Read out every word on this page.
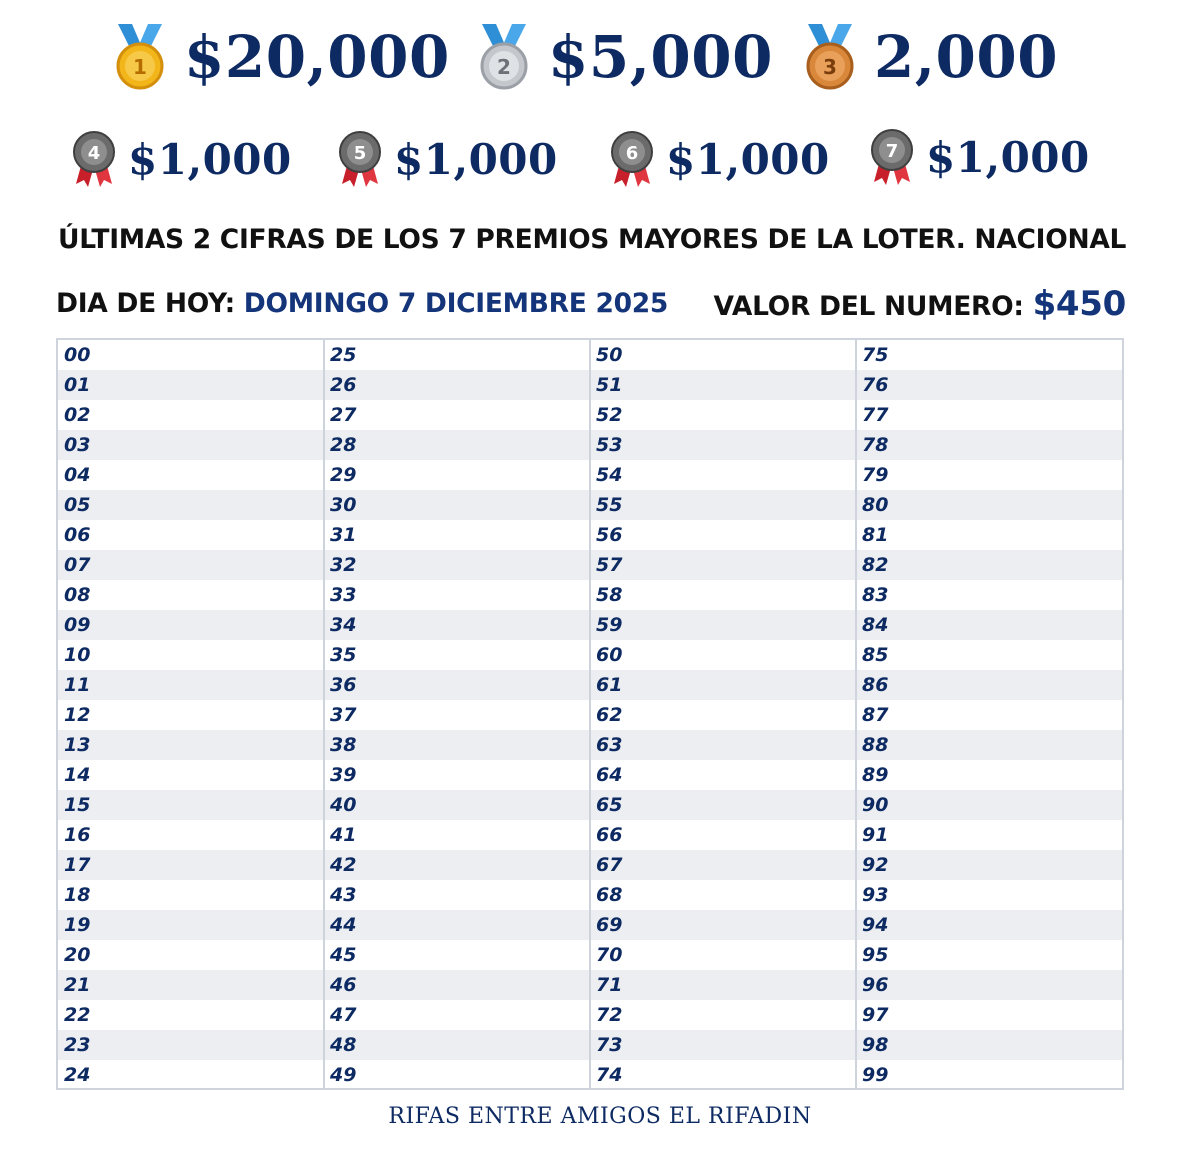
1 $20,000 2 $5,000	3 2,000
4 $1,000	5 $1,000	6 $1,000	7 $1,000
ÚLTIMAS 2 CIFRAS DE LOS 7 PREMIOS MAYORES DE LA LOTER. NACIONAL
DIA DE HOY: DOMINGO 7 DICIEMBRE 2025 VALOR DEL NUMERO: $450
00	25	50	75
01	26	51	76
02	27	52	77
03	28	53	78
04	29	54	79
05	30	55	80
06	31	56	81
07	32	57	82
08	33	58	83
09	34	59	84
10	35	60	85
11	36	61	86
12	37	62	87
13	38	63	88
14	39	64	89
15	40	65	90
16	41	66	91
17	42	67	92
18	43	68	93
19	44	69	94
20	45	70	95
21	46	71	96
22	47	72	97
23	48	73	98
24	49	74	99
RIFAS ENTRE AMIGOS EL RIFADIN
